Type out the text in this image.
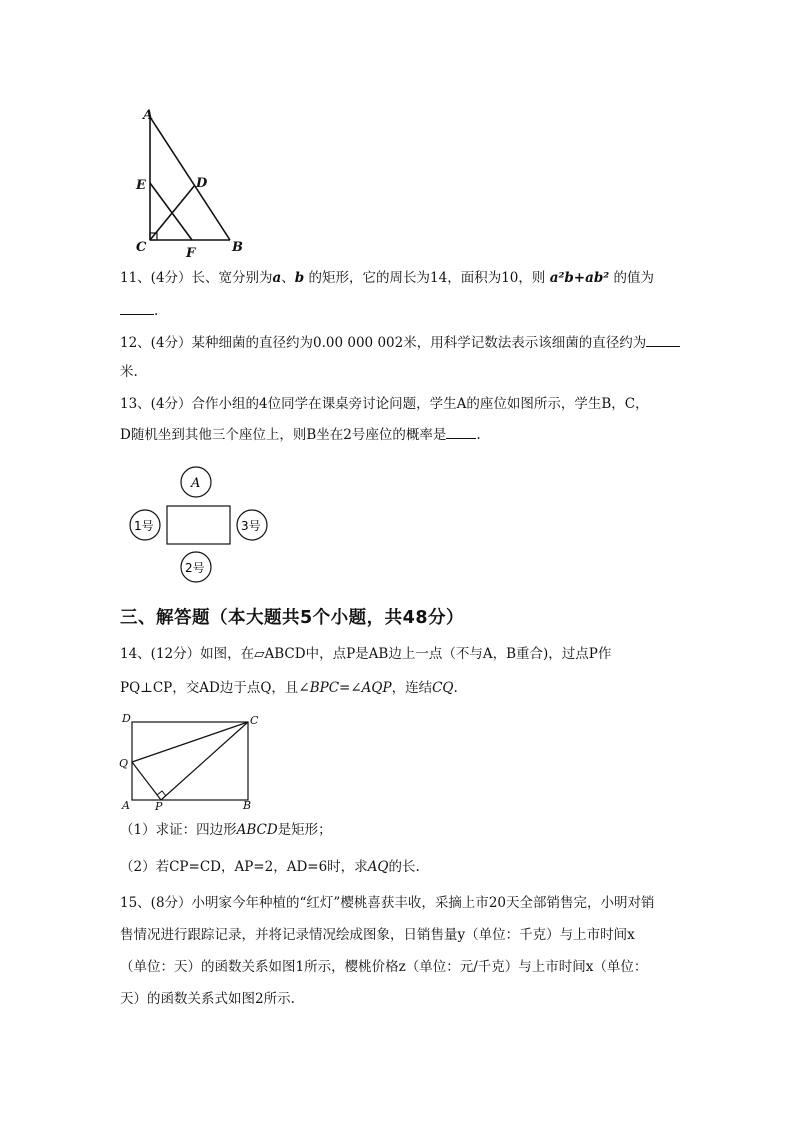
A
E	D
C	F	B
11、(4分）长、宽分别为a、b 的矩形，它的周长为14，面积为10，则 a²b+ab² 的值为
.
12、(4分）某种细菌的直径约为0.00 000 002米，用科学记数法表示该细菌的直径约为
米.
13、(4分）合作小组的4位同学在课桌旁讨论问题，学生A的座位如图所示，学生B，C，
D随机坐到其他三个座位上，则B坐在2号座位的概率是 .
A
1号	3号
2号
三、解答题（本大题共5个小题，共48分）
14、(12分）如图，在▱ABCD中，点P是AB边上一点（不与A，B重合)，过点P作
PQ⊥CP，交AD边于点Q，且∠BPC=∠AQP，连结CQ.
D	C
Q
A P	B
（1）求证：四边形ABCD是矩形；
（2）若CP=CD，AP=2，AD=6时，求AQ的长.
15、(8分）小明家今年种植的“红灯”樱桃喜获丰收，采摘上市20天全部销售完，小明对销
售情况进行跟踪记录，并将记录情况绘成图象，日销售量y（单位：千克）与上市时间x
（单位：天）的函数关系如图1所示，樱桃价格z（单位：元/千克）与上市时间x（单位：
天）的函数关系式如图2所示.
